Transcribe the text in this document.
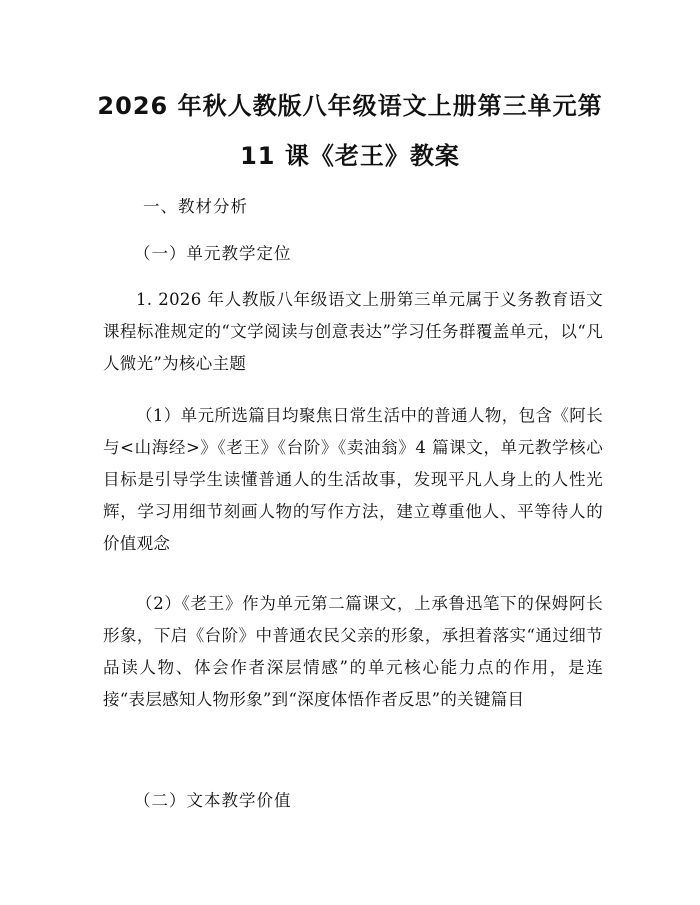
2026 年秋人教版八年级语文上册第三单元第
11 课《老王》教案
一、教材分析
（一）单元教学定位

1. 2026 年人教版八年级语文上册第三单元属于义务教育语文课程标准规定的“文学阅读与创意表达”学习任务群覆盖单元，以“凡人微光”为核心主题

（1）单元所选篇目均聚焦日常生活中的普通人物，包含《阿长与<山海经>》《老王》《台阶》《卖油翁》4 篇课文，单元教学核心目标是引导学生读懂普通人的生活故事，发现平凡人身上的人性光辉，学习用细节刻画人物的写作方法，建立尊重他人、平等待人的价值观念

（2）《老王》作为单元第二篇课文，上承鲁迅笔下的保姆阿长形象，下启《台阶》中普通农民父亲的形象，承担着落实“通过细节品读人物、体会作者深层情感”的单元核心能力点的作用，是连接“表层感知人物形象”到“深度体悟作者反思”的关键篇目

（二）文本教学价值
